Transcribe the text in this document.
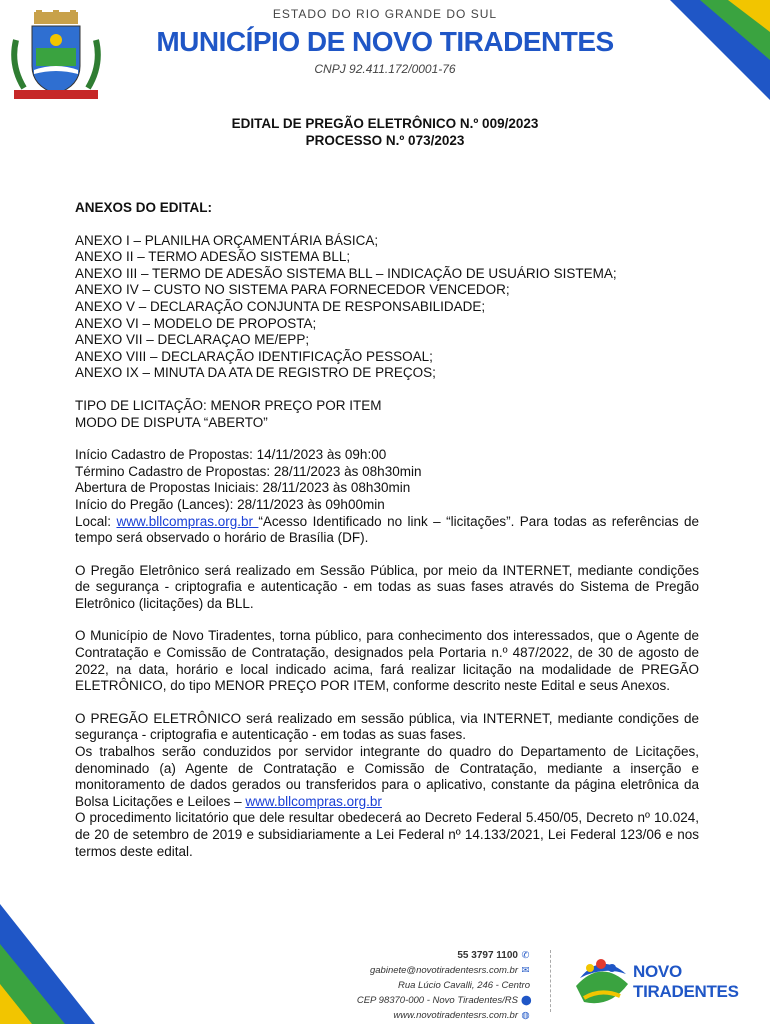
ESTADO DO RIO GRANDE DO SUL
MUNICÍPIO DE NOVO TIRADENTES
CNPJ 92.411.172/0001-76
EDITAL DE PREGÃO ELETRÔNICO N.º 009/2023
PROCESSO N.º 073/2023

ANEXOS DO EDITAL:

ANEXO I – PLANILHA ORÇAMENTÁRIA BÁSICA;

ANEXO II – TERMO ADESÃO SISTEMA BLL;

ANEXO III – TERMO DE ADESÃO SISTEMA BLL – INDICAÇÃO DE USUÁRIO SISTEMA;

ANEXO IV – CUSTO NO SISTEMA PARA FORNECEDOR VENCEDOR;

ANEXO V – DECLARAÇÃO CONJUNTA DE RESPONSABILIDADE;

ANEXO VI – MODELO DE PROPOSTA;

ANEXO VII – DECLARAÇAO ME/EPP;

ANEXO VIII – DECLARAÇÃO IDENTIFICAÇÃO PESSOAL;

ANEXO IX – MINUTA DA ATA DE REGISTRO DE PREÇOS;

TIPO DE LICITAÇÃO: MENOR PREÇO POR ITEM

MODO DE DISPUTA “ABERTO”

Início Cadastro de Propostas: 14/11/2023 às 09h:00

Término Cadastro de Propostas: 28/11/2023 às 08h30min

Abertura de Propostas Iniciais: 28/11/2023 às 08h30min

Início do Pregão (Lances): 28/11/2023 às 09h00min

Local: www.bllcompras.org.br “Acesso Identificado no link – “licitações”. Para todas as referências de tempo será observado o horário de Brasília (DF).

O Pregão Eletrônico será realizado em Sessão Pública, por meio da INTERNET, mediante condições de segurança - criptografia e autenticação - em todas as suas fases através do Sistema de Pregão Eletrônico (licitações) da BLL.

O Município de Novo Tiradentes, torna público, para conhecimento dos interessados, que o Agente de Contratação e Comissão de Contratação, designados pela Portaria n.º 487/2022, de 30 de agosto de 2022, na data, horário e local indicado acima, fará realizar licitação na modalidade de PREGÃO ELETRÔNICO, do tipo MENOR PREÇO POR ITEM, conforme descrito neste Edital e seus Anexos.

O PREGÃO ELETRÔNICO será realizado em sessão pública, via INTERNET, mediante condições de segurança - criptografia e autenticação - em todas as suas fases.

Os trabalhos serão conduzidos por servidor integrante do quadro do Departamento de Licitações, denominado (a) Agente de Contratação e Comissão de Contratação, mediante a inserção e monitoramento de dados gerados ou transferidos para o aplicativo, constante da página eletrônica da Bolsa Licitações e Leiloes – www.bllcompras.org.br

O procedimento licitatório que dele resultar obedecerá ao Decreto Federal 5.450/05, Decreto nº 10.024, de 20 de setembro de 2019 e subsidiariamente a Lei Federal nº 14.133/2021, Lei Federal 123/06 e nos termos deste edital.

55 3797 1100 ✆
gabinete@novotiradentesrs.com.br ✉
Rua Lúcio Cavalli, 246 - Centro
CEP 98370-000 - Novo Tiradentes/RS ⬤
www.novotiradentesrs.com.br ◍
NOVO TIRADENTES
